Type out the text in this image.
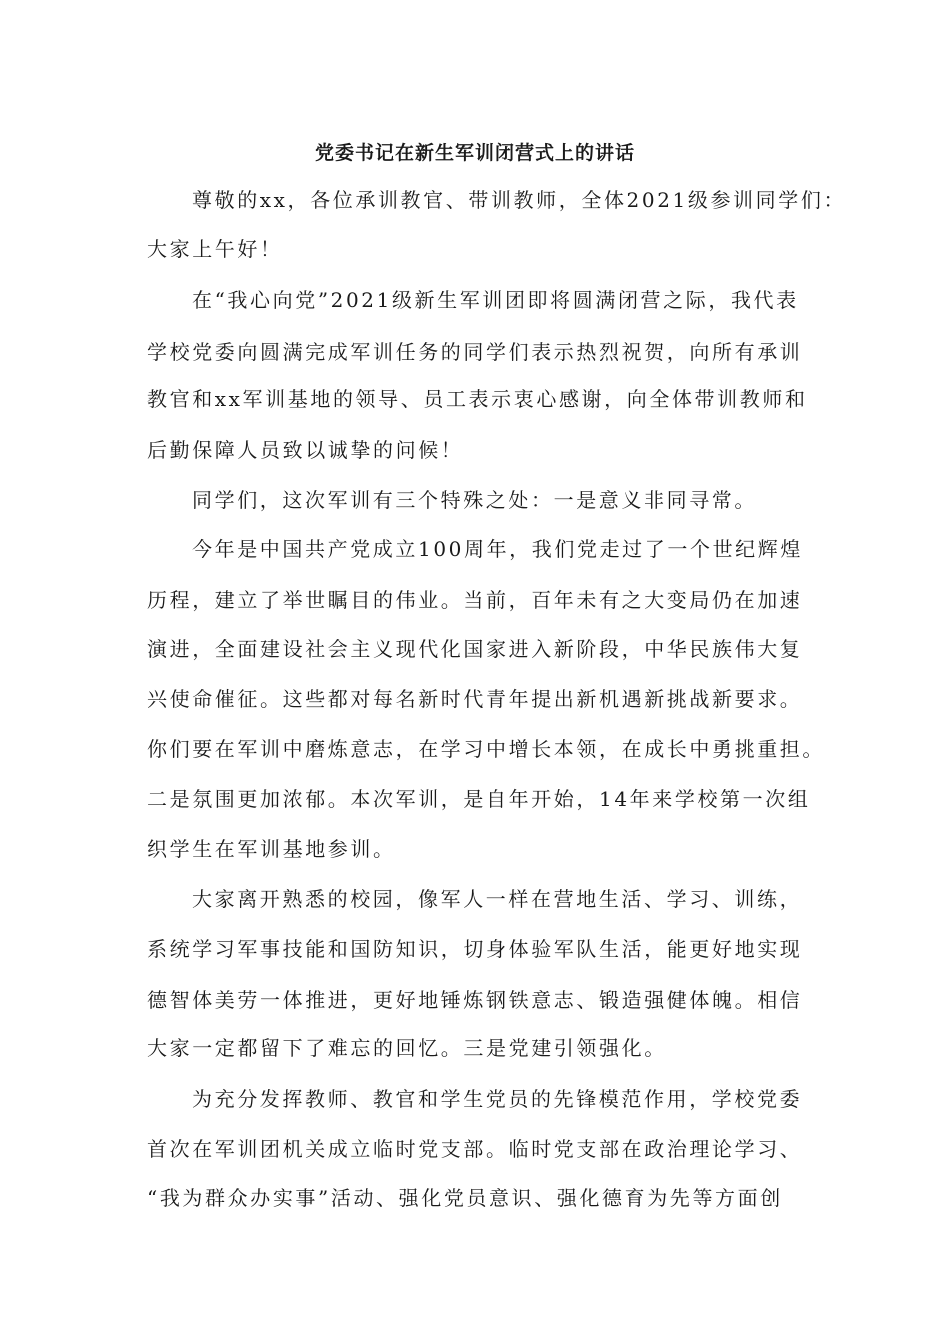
党委书记在新生军训闭营式上的讲话
尊敬的xx，各位承训教官、带训教师，全体2021级参训同学们：
大家上午好！
在“我心向党”2021级新生军训团即将圆满闭营之际，我代表
学校党委向圆满完成军训任务的同学们表示热烈祝贺，向所有承训
教官和xx军训基地的领导、员工表示衷心感谢，向全体带训教师和
后勤保障人员致以诚挚的问候！
同学们，这次军训有三个特殊之处：一是意义非同寻常。
今年是中国共产党成立100周年，我们党走过了一个世纪辉煌
历程，建立了举世瞩目的伟业。当前，百年未有之大变局仍在加速
演进，全面建设社会主义现代化国家进入新阶段，中华民族伟大复
兴使命催征。这些都对每名新时代青年提出新机遇新挑战新要求。
你们要在军训中磨炼意志，在学习中增长本领，在成长中勇挑重担。
二是氛围更加浓郁。本次军训，是自年开始，14年来学校第一次组
织学生在军训基地参训。
大家离开熟悉的校园，像军人一样在营地生活、学习、训练，
系统学习军事技能和国防知识，切身体验军队生活，能更好地实现
德智体美劳一体推进，更好地锤炼钢铁意志、锻造强健体魄。相信
大家一定都留下了难忘的回忆。三是党建引领强化。
为充分发挥教师、教官和学生党员的先锋模范作用，学校党委
首次在军训团机关成立临时党支部。临时党支部在政治理论学习、
“我为群众办实事”活动、强化党员意识、强化德育为先等方面创
